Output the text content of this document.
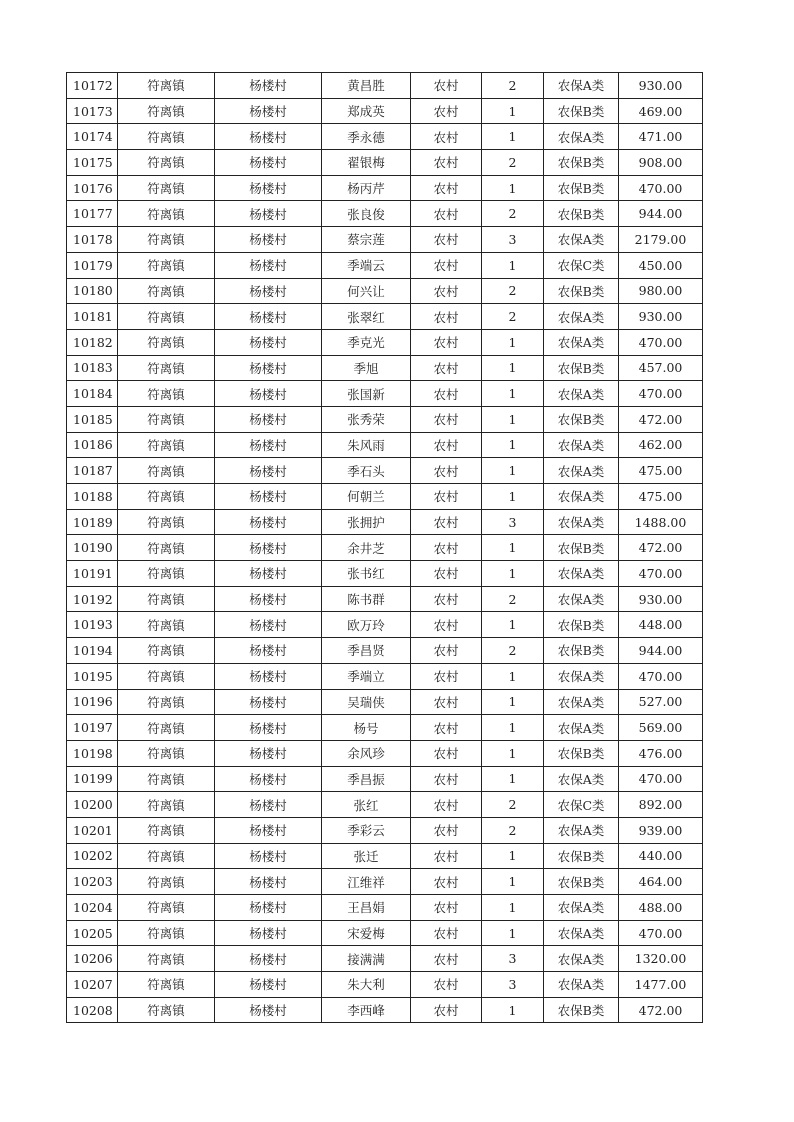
10172	符离镇	杨楼村	黄昌胜	农村	2	农保A类	930.00
10173	符离镇	杨楼村	郑成英	农村	1	农保B类	469.00
10174	符离镇	杨楼村	季永德	农村	1	农保A类	471.00
10175	符离镇	杨楼村	翟银梅	农村	2	农保B类	908.00
10176	符离镇	杨楼村	杨丙芹	农村	1	农保B类	470.00
10177	符离镇	杨楼村	张良俊	农村	2	农保B类	944.00
10178	符离镇	杨楼村	蔡宗莲	农村	3	农保A类	2179.00
10179	符离镇	杨楼村	季端云	农村	1	农保C类	450.00
10180	符离镇	杨楼村	何兴让	农村	2	农保B类	980.00
10181	符离镇	杨楼村	张翠红	农村	2	农保A类	930.00
10182	符离镇	杨楼村	季克光	农村	1	农保A类	470.00
10183	符离镇	杨楼村	季旭	农村	1	农保B类	457.00
10184	符离镇	杨楼村	张国新	农村	1	农保A类	470.00
10185	符离镇	杨楼村	张秀荣	农村	1	农保B类	472.00
10186	符离镇	杨楼村	朱风雨	农村	1	农保A类	462.00
10187	符离镇	杨楼村	季石头	农村	1	农保A类	475.00
10188	符离镇	杨楼村	何朝兰	农村	1	农保A类	475.00
10189	符离镇	杨楼村	张拥护	农村	3	农保A类	1488.00
10190	符离镇	杨楼村	余井芝	农村	1	农保B类	472.00
10191	符离镇	杨楼村	张书红	农村	1	农保A类	470.00
10192	符离镇	杨楼村	陈书群	农村	2	农保A类	930.00
10193	符离镇	杨楼村	欧万玲	农村	1	农保B类	448.00
10194	符离镇	杨楼村	季昌贤	农村	2	农保B类	944.00
10195	符离镇	杨楼村	季端立	农村	1	农保A类	470.00
10196	符离镇	杨楼村	吴瑞侠	农村	1	农保A类	527.00
10197	符离镇	杨楼村	杨号	农村	1	农保A类	569.00
10198	符离镇	杨楼村	余风珍	农村	1	农保B类	476.00
10199	符离镇	杨楼村	季昌振	农村	1	农保A类	470.00
10200	符离镇	杨楼村	张红	农村	2	农保C类	892.00
10201	符离镇	杨楼村	季彩云	农村	2	农保A类	939.00
10202	符离镇	杨楼村	张迁	农村	1	农保B类	440.00
10203	符离镇	杨楼村	江维祥	农村	1	农保B类	464.00
10204	符离镇	杨楼村	王昌娟	农村	1	农保A类	488.00
10205	符离镇	杨楼村	宋爱梅	农村	1	农保A类	470.00
10206	符离镇	杨楼村	接满满	农村	3	农保A类	1320.00
10207	符离镇	杨楼村	朱大利	农村	3	农保A类	1477.00
10208	符离镇	杨楼村	李西峰	农村	1	农保B类	472.00
